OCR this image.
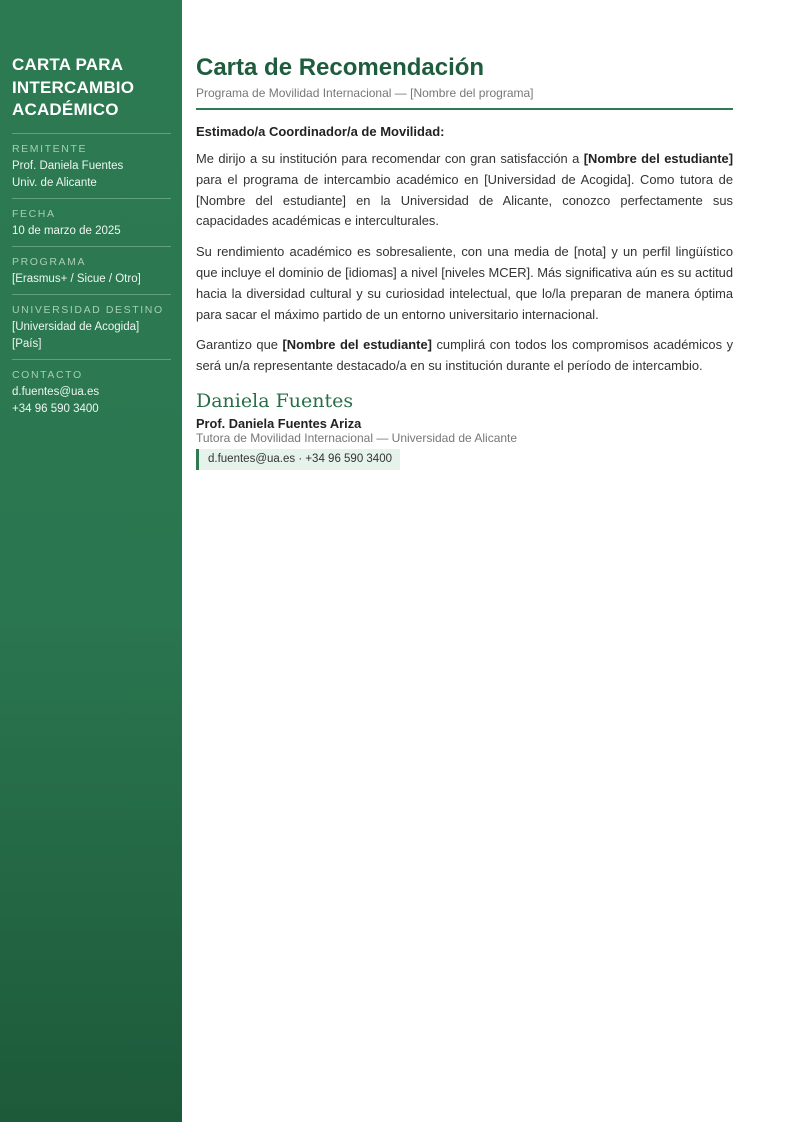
CARTA PARA
INTERCAMBIO
ACADÉMICO
REMITENTE
Prof. Daniela Fuentes
Univ. de Alicante
FECHA
10 de marzo de 2025
PROGRAMA
[Erasmus+ / Sicue / Otro]
UNIVERSIDAD DESTINO
[Universidad de Acogida]
[País]
CONTACTO
d.fuentes@ua.es
+34 96 590 3400
Carta de Recomendación
Programa de Movilidad Internacional — [Nombre del programa]
Estimado/a Coordinador/a de Movilidad:

Me dirijo a su institución para recomendar con gran satisfacción a [Nombre del estudiante] para el programa de intercambio académico en [Universidad de Acogida]. Como tutora de [Nombre del estudiante] en la Universidad de Alicante, conozco perfectamente sus capacidades académicas e interculturales.

Su rendimiento académico es sobresaliente, con una media de [nota] y un perfil lingüístico que incluye el dominio de [idiomas] a nivel [niveles MCER]. Más significativa aún es su actitud hacia la diversidad cultural y su curiosidad intelectual, que lo/la preparan de manera óptima para sacar el máximo partido de un entorno universitario internacional.

Garantizo que [Nombre del estudiante] cumplirá con todos los compromisos académicos y será un/a representante destacado/a en su institución durante el período de intercambio.

Daniela Fuentes
Prof. Daniela Fuentes Ariza
Tutora de Movilidad Internacional — Universidad de Alicante
d.fuentes@ua.es · +34 96 590 3400
